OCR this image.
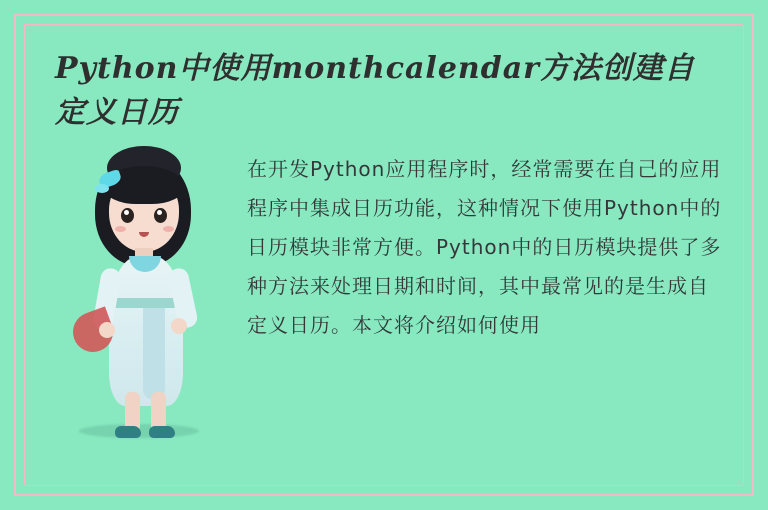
Python中使用monthcalendar方法创建自定义日历
在开发Python应用程序时，经常需要在自己的应用程序中集成日历功能，这种情况下使用Python中的日历模块非常方便。Python中的日历模块提供了多种方法来处理日期和时间，其中最常见的是生成自定义日历。本文将介绍如何使用
